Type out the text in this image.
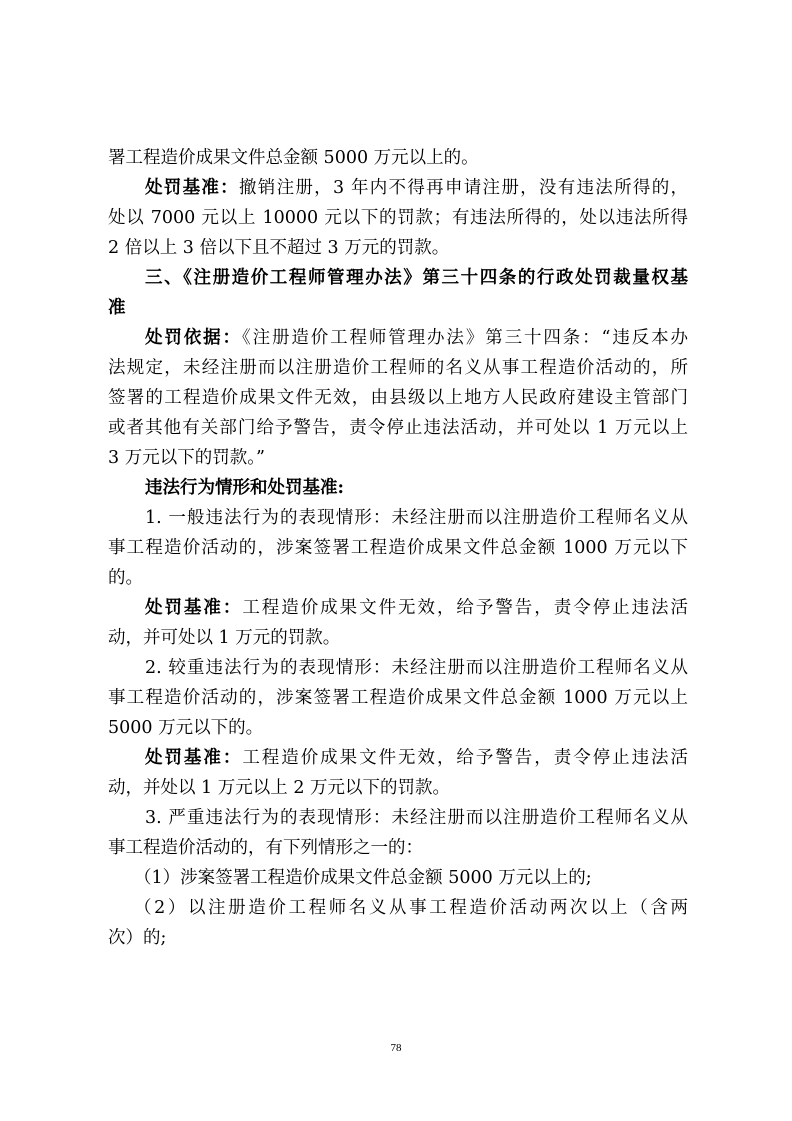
署工程造价成果文件总金额 5000 万元以上的。
处罚基准：撤销注册，3 年内不得再申请注册，没有违法所得的，
处以 7000 元以上 10000 元以下的罚款；有违法所得的，处以违法所得
2 倍以上 3 倍以下且不超过 3 万元的罚款。
三、《注册造价工程师管理办法》第三十四条的行政处罚裁量权基
准
处罚依据：《注册造价工程师管理办法》第三十四条：“违反本办
法规定，未经注册而以注册造价工程师的名义从事工程造价活动的，所
签署的工程造价成果文件无效，由县级以上地方人民政府建设主管部门
或者其他有关部门给予警告，责令停止违法活动，并可处以 1 万元以上
3 万元以下的罚款。”
违法行为情形和处罚基准:
1. 一般违法行为的表现情形：未经注册而以注册造价工程师名义从
事工程造价活动的，涉案签署工程造价成果文件总金额 1000 万元以下
的。
处罚基准：工程造价成果文件无效，给予警告，责令停止违法活
动，并可处以 1 万元的罚款。
2. 较重违法行为的表现情形：未经注册而以注册造价工程师名义从
事工程造价活动的，涉案签署工程造价成果文件总金额 1000 万元以上
5000 万元以下的。
处罚基准：工程造价成果文件无效，给予警告，责令停止违法活
动，并处以 1 万元以上 2 万元以下的罚款。
3. 严重违法行为的表现情形：未经注册而以注册造价工程师名义从
事工程造价活动的，有下列情形之一的：
（1）涉案签署工程造价成果文件总金额 5000 万元以上的;
（2）以注册造价工程师名义从事工程造价活动两次以上（含两
次）的;
78
